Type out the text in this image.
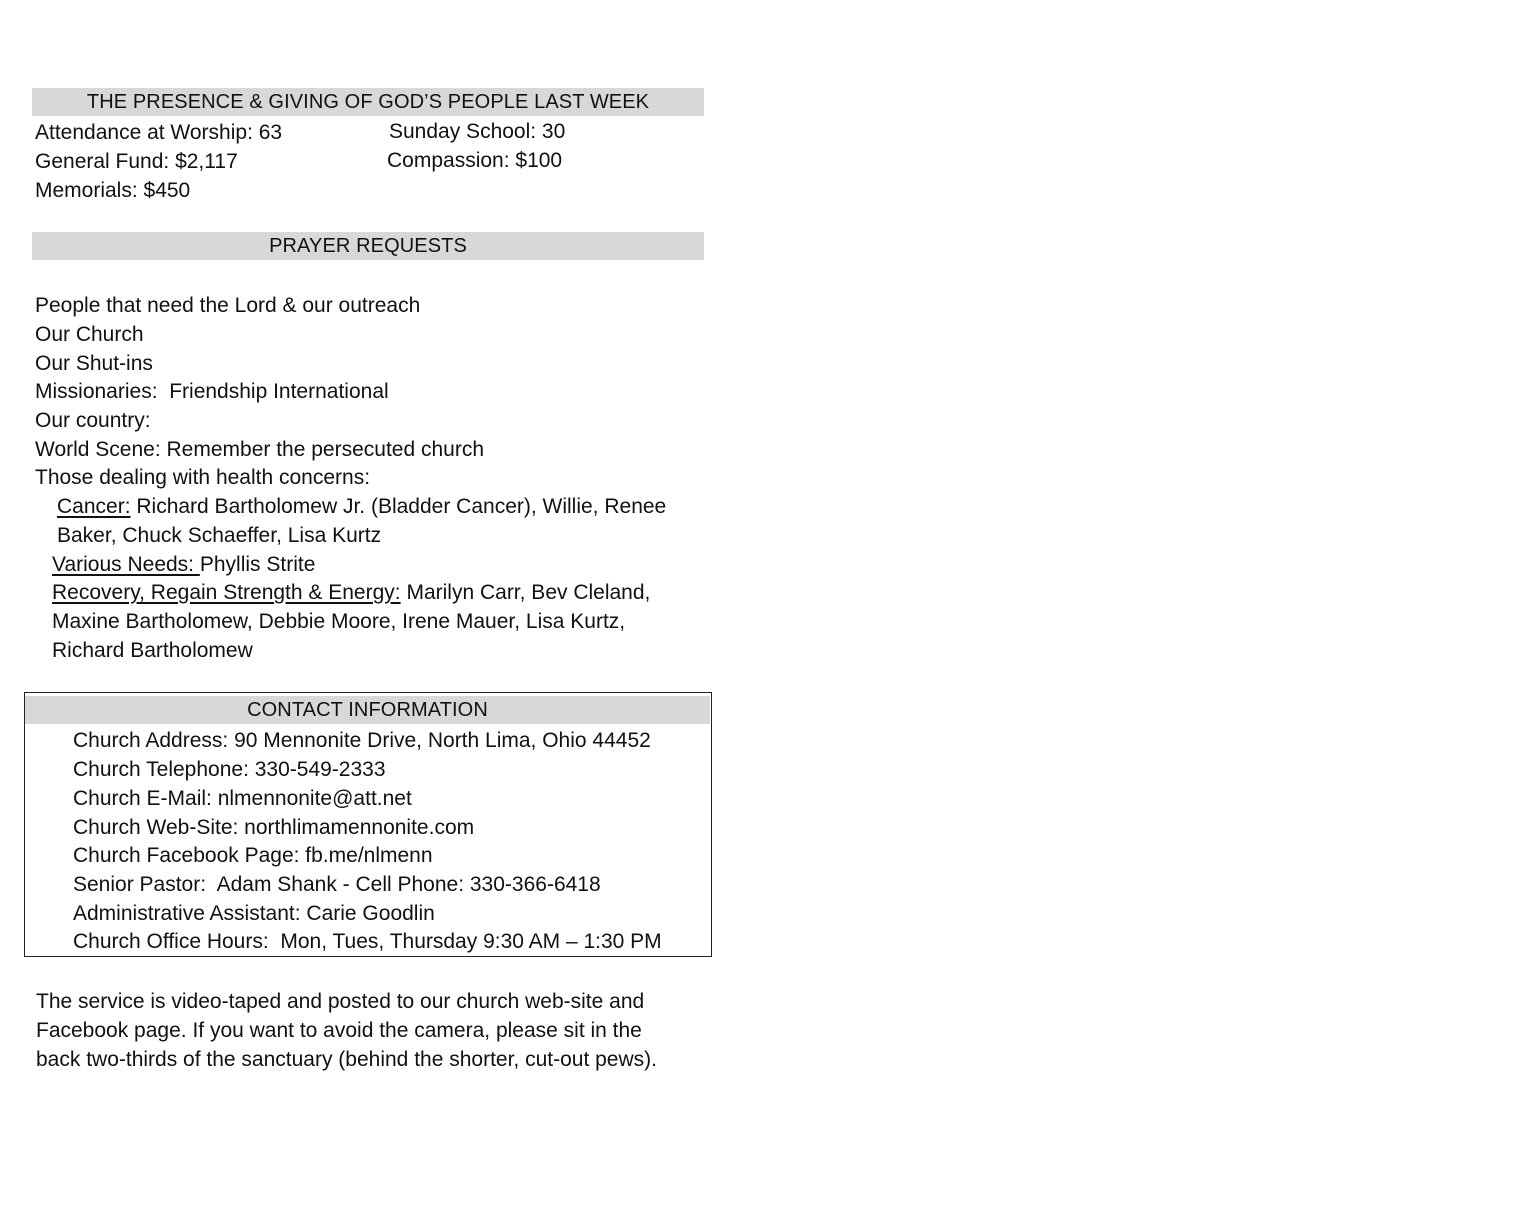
THE PRESENCE & GIVING OF GOD’S PEOPLE LAST WEEK
Attendance at Worship: 63	Sunday School: 30
General Fund: $2,117	Compassion: $100
Memorials: $450
PRAYER REQUESTS
People that need the Lord & our outreach
Our Church
Our Shut-ins
Missionaries:  Friendship International
Our country:
World Scene: Remember the persecuted church
Those dealing with health concerns:
Cancer: Richard Bartholomew Jr. (Bladder Cancer), Willie, Renee
Baker, Chuck Schaeffer, Lisa Kurtz
Various Needs: Phyllis Strite
Recovery, Regain Strength & Energy: Marilyn Carr, Bev Cleland,
Maxine Bartholomew, Debbie Moore, Irene Mauer, Lisa Kurtz,
Richard Bartholomew
CONTACT INFORMATION
Church Address: 90 Mennonite Drive, North Lima, Ohio 44452
Church Telephone: 330-549-2333
Church E-Mail: nlmennonite@att.net
Church Web-Site: northlimamennonite.com
Church Facebook Page: fb.me/nlmenn
Senior Pastor:  Adam Shank - Cell Phone: 330-366-6418
Administrative Assistant: Carie Goodlin
Church Office Hours:  Mon, Tues, Thursday 9:30 AM – 1:30 PM
The service is video-taped and posted to our church web-site and
Facebook page. If you want to avoid the camera, please sit in the
back two-thirds of the sanctuary (behind the shorter, cut-out pews).
